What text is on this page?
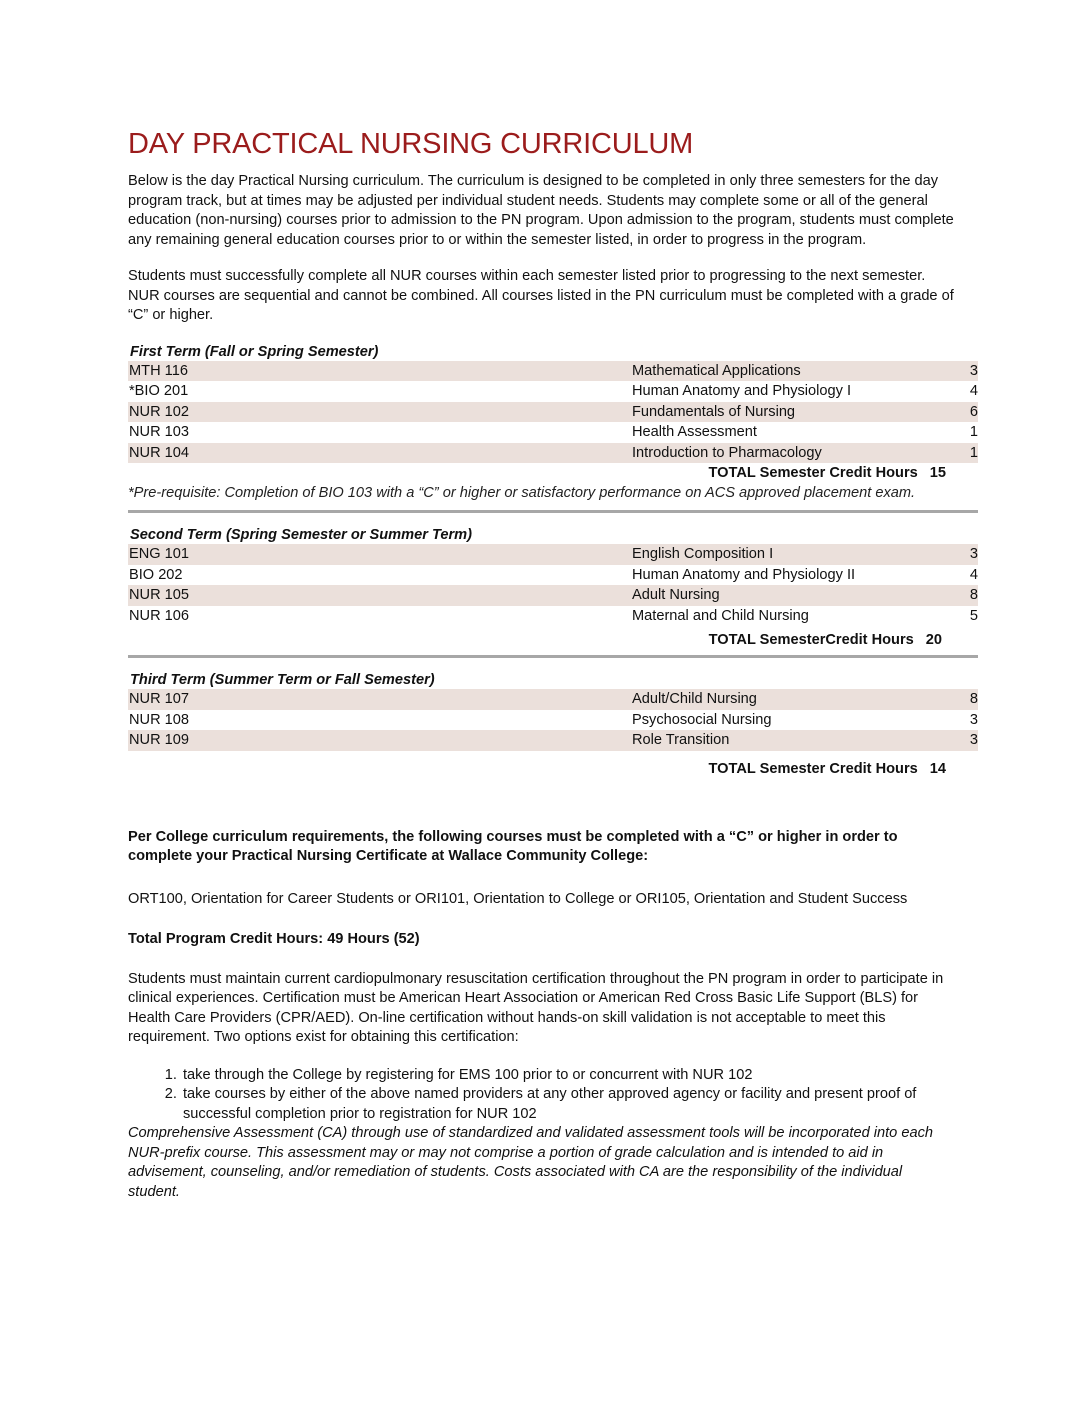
DAY PRACTICAL NURSING CURRICULUM

Below is the day Practical Nursing curriculum. The curriculum is designed to be completed in only three semesters for the day program track, but at times may be adjusted per individual student needs. Students may complete some or all of the general education (non-nursing) courses prior to admission to the PN program. Upon admission to the program, students must complete any remaining general education courses prior to or within the semester listed, in order to progress in the program.

Students must successfully complete all NUR courses within each semester listed prior to progressing to the next semester. NUR courses are sequential and cannot be combined. All courses listed in the PN curriculum must be completed with a grade of “C” or higher.

First Term (Fall or Spring Semester)
MTH 116	Mathematical Applications	3
*BIO 201	Human Anatomy and Physiology I	4
NUR 102	Fundamentals of Nursing	6
NUR 103	Health Assessment	1
NUR 104	Introduction to Pharmacology	1
TOTAL Semester Credit Hours 15
*Pre-requisite: Completion of BIO 103 with a “C” or higher or satisfactory performance on ACS approved placement exam.
Second Term (Spring Semester or Summer Term)
ENG 101	English Composition I	3
BIO 202	Human Anatomy and Physiology II	4
NUR 105	Adult Nursing	8
NUR 106	Maternal and Child Nursing	5
TOTAL SemesterCredit Hours 20
Third Term (Summer Term or Fall Semester)
NUR 107	Adult/Child Nursing	8
NUR 108	Psychosocial Nursing	3
NUR 109	Role Transition	3
TOTAL Semester Credit Hours 14
Per College curriculum requirements, the following courses must be completed with a “C” or higher in order to complete your Practical Nursing Certificate at Wallace Community College:
ORT100, Orientation for Career Students or ORI101, Orientation to College or ORI105, Orientation and Student Success
Total Program Credit Hours: 49 Hours (52)
Students must maintain current cardiopulmonary resuscitation certification throughout the PN program in order to participate in clinical experiences. Certification must be American Heart Association or American Red Cross Basic Life Support (BLS) for Health Care Providers (CPR/AED). On-line certification without hands-on skill validation is not acceptable to meet this requirement. Two options exist for obtaining this certification:
1. take through the College by registering for EMS 100 prior to or concurrent with NUR 102
2. take courses by either of the above named providers at any other approved agency or facility and present proof of successful completion prior to registration for NUR 102
Comprehensive Assessment (CA) through use of standardized and validated assessment tools will be incorporated into each NUR-prefix course. This assessment may or may not comprise a portion of grade calculation and is intended to aid in advisement, counseling, and/or remediation of students. Costs associated with CA are the responsibility of the individual student.
